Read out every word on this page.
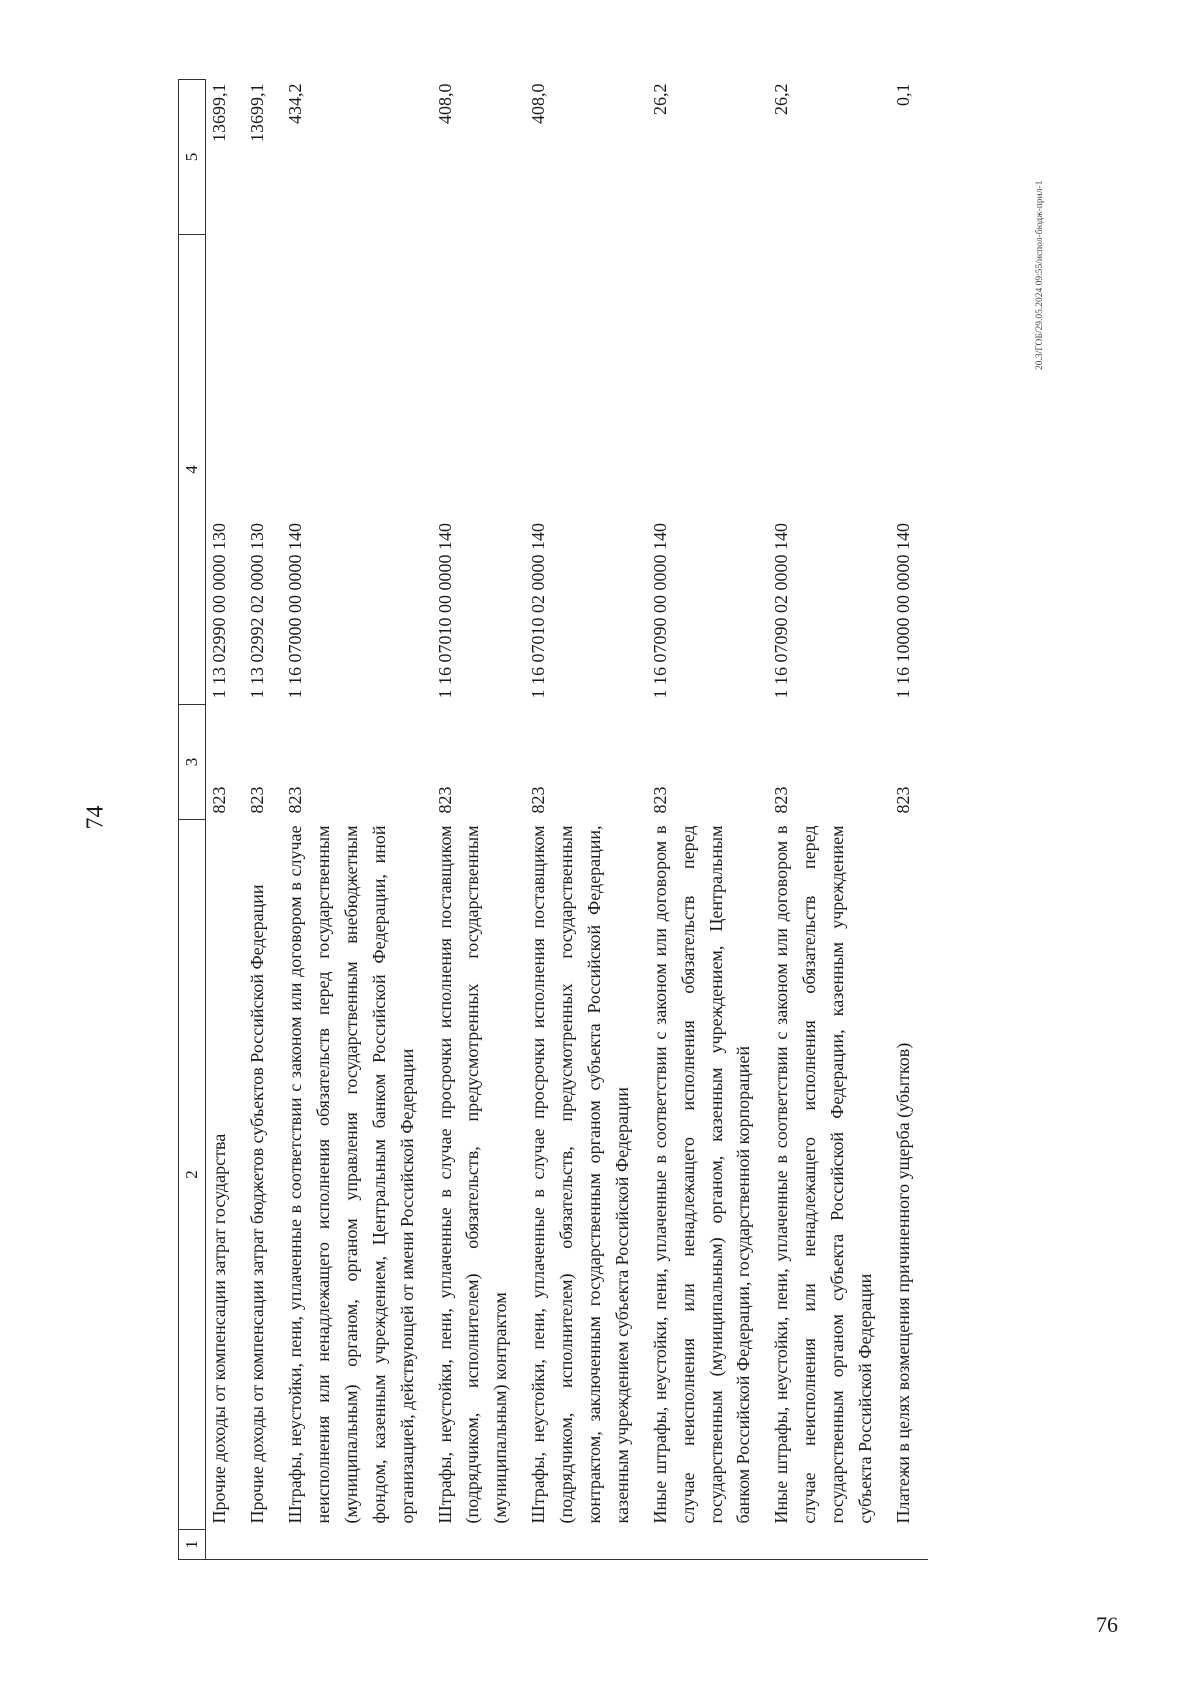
74
76
20.3/ГОБ/29.05.2024 09:55/испол-бюдж-прил-1
1	2	3	4	5
	Прочие доходы от компенсации затрат государства	823	1 13 02990 00 0000 130	13699,1
	Прочие доходы от компенсации затрат бюджетов субъектов Российской Федерации	823	1 13 02992 02 0000 130	13699,1
	Штрафы, неустойки, пени, уплаченные в соответствии с законом или договором в случае неисполнения или ненадлежащего исполнения обязательств перед государственным (муниципальным) органом, органом управления государственным внебюджетным фондом, казенным учреждением, Центральным банком Российской Федерации, иной организацией, действующей от имени Российской Федерации	823	1 16 07000 00 0000 140	434,2
	Штрафы, неустойки, пени, уплаченные в случае просрочки исполнения поставщиком (подрядчиком, исполнителем) обязательств, предусмотренных государственным (муниципальным) контрактом	823	1 16 07010 00 0000 140	408,0
	Штрафы, неустойки, пени, уплаченные в случае просрочки исполнения поставщиком (подрядчиком, исполнителем) обязательств, предусмотренных государственным контрактом, заключенным государственным органом субъекта Российской Федерации, казенным учреждением субъекта Российской Федерации	823	1 16 07010 02 0000 140	408,0
	Иные штрафы, неустойки, пени, уплаченные в соответствии с законом или договором в случае неисполнения или ненадлежащего исполнения обязательств перед государственным (муниципальным) органом, казенным учреждением, Центральным банком Российской Федерации, государственной корпорацией	823	1 16 07090 00 0000 140	26,2
	Иные штрафы, неустойки, пени, уплаченные в соответствии с законом или договором в случае неисполнения или ненадлежащего исполнения обязательств перед государственным органом субъекта Российской Федерации, казенным учреждением субъекта Российской Федерации	823	1 16 07090 02 0000 140	26,2
	Платежи в целях возмещения причиненного ущерба (убытков)	823	1 16 10000 00 0000 140	0,1
